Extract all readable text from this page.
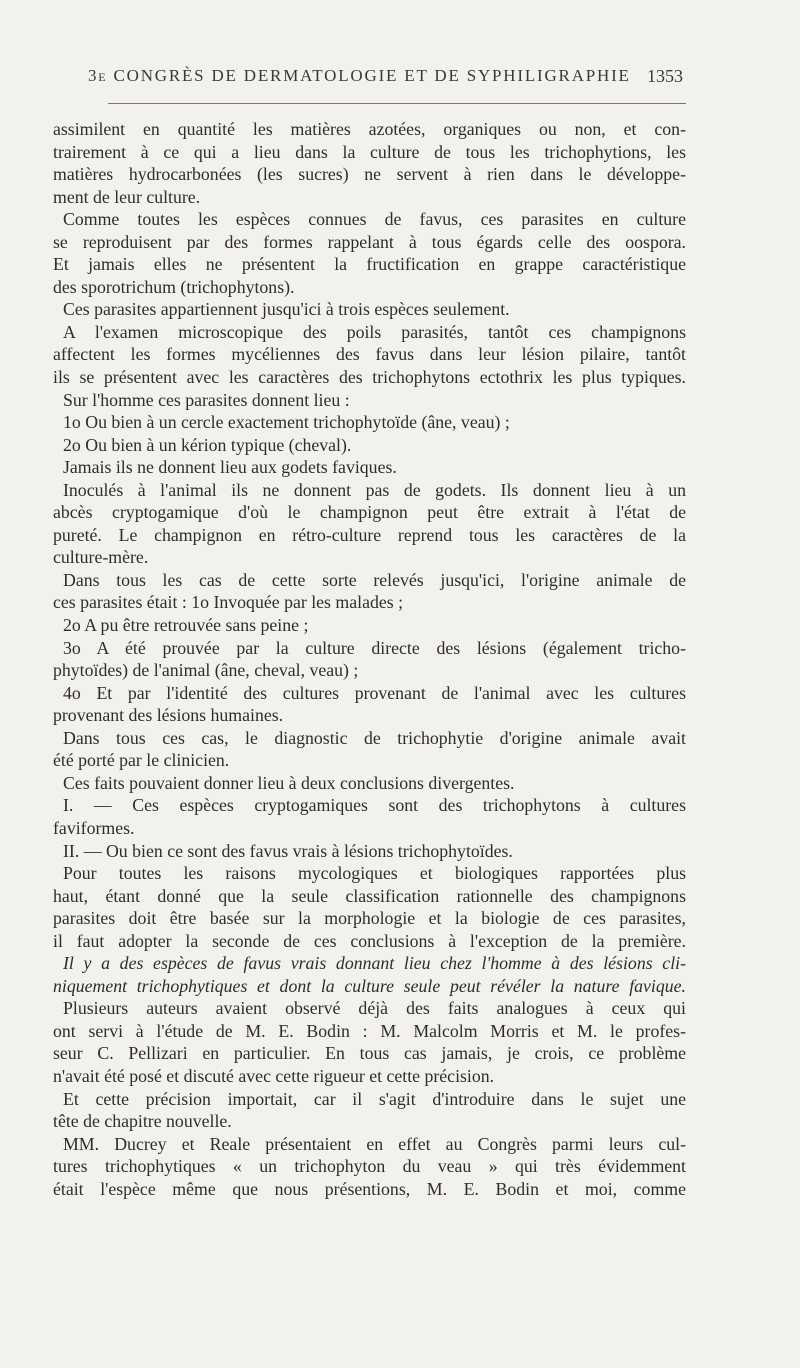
3e CONGRÈS DE DERMATOLOGIE ET DE SYPHILIGRAPHIE 1353
assimilent en quantité les matières azotées, organiques ou non, et con-
trairement à ce qui a lieu dans la culture de tous les trichophytions, les
matières hydrocarbonées (les sucres) ne servent à rien dans le développe-
ment de leur culture.
Comme toutes les espèces connues de favus, ces parasites en culture
se reproduisent par des formes rappelant à tous égards celle des oospora.
Et jamais elles ne présentent la fructification en grappe caractéristique
des sporotrichum (trichophytons).
Ces parasites appartiennent jusqu'ici à trois espèces seulement.
A l'examen microscopique des poils parasités, tantôt ces champignons
affectent les formes mycéliennes des favus dans leur lésion pilaire, tantôt
ils se présentent avec les caractères des trichophytons ectothrix les plus typiques.
Sur l'homme ces parasites donnent lieu :
1o Ou bien à un cercle exactement trichophytoïde (âne, veau) ;
2o Ou bien à un kérion typique (cheval).
Jamais ils ne donnent lieu aux godets faviques.
Inoculés à l'animal ils ne donnent pas de godets. Ils donnent lieu à un
abcès cryptogamique d'où le champignon peut être extrait à l'état de
pureté. Le champignon en rétro-culture reprend tous les caractères de la
culture-mère.
Dans tous les cas de cette sorte relevés jusqu'ici, l'origine animale de
ces parasites était : 1o Invoquée par les malades ;
2o A pu être retrouvée sans peine ;
3o A été prouvée par la culture directe des lésions (également tricho-
phytoïdes) de l'animal (âne, cheval, veau) ;
4o Et par l'identité des cultures provenant de l'animal avec les cultures
provenant des lésions humaines.
Dans tous ces cas, le diagnostic de trichophytie d'origine animale avait
été porté par le clinicien.
Ces faits pouvaient donner lieu à deux conclusions divergentes.
I. — Ces espèces cryptogamiques sont des trichophytons à cultures
faviformes.
II. — Ou bien ce sont des favus vrais à lésions trichophytoïdes.
Pour toutes les raisons mycologiques et biologiques rapportées plus
haut, étant donné que la seule classification rationnelle des champignons
parasites doit être basée sur la morphologie et la biologie de ces parasites,
il faut adopter la seconde de ces conclusions à l'exception de la première.
Il y a des espèces de favus vrais donnant lieu chez l'homme à des lésions cli-
niquement trichophytiques et dont la culture seule peut révéler la nature favique.
Plusieurs auteurs avaient observé déjà des faits analogues à ceux qui
ont servi à l'étude de M. E. Bodin : M. Malcolm Morris et M. le profes-
seur C. Pellizari en particulier. En tous cas jamais, je crois, ce problème
n'avait été posé et discuté avec cette rigueur et cette précision.
Et cette précision importait, car il s'agit d'introduire dans le sujet une
tête de chapitre nouvelle.
MM. Ducrey et Reale présentaient en effet au Congrès parmi leurs cul-
tures trichophytiques « un trichophyton du veau » qui très évidemment
était l'espèce même que nous présentions, M. E. Bodin et moi, comme
